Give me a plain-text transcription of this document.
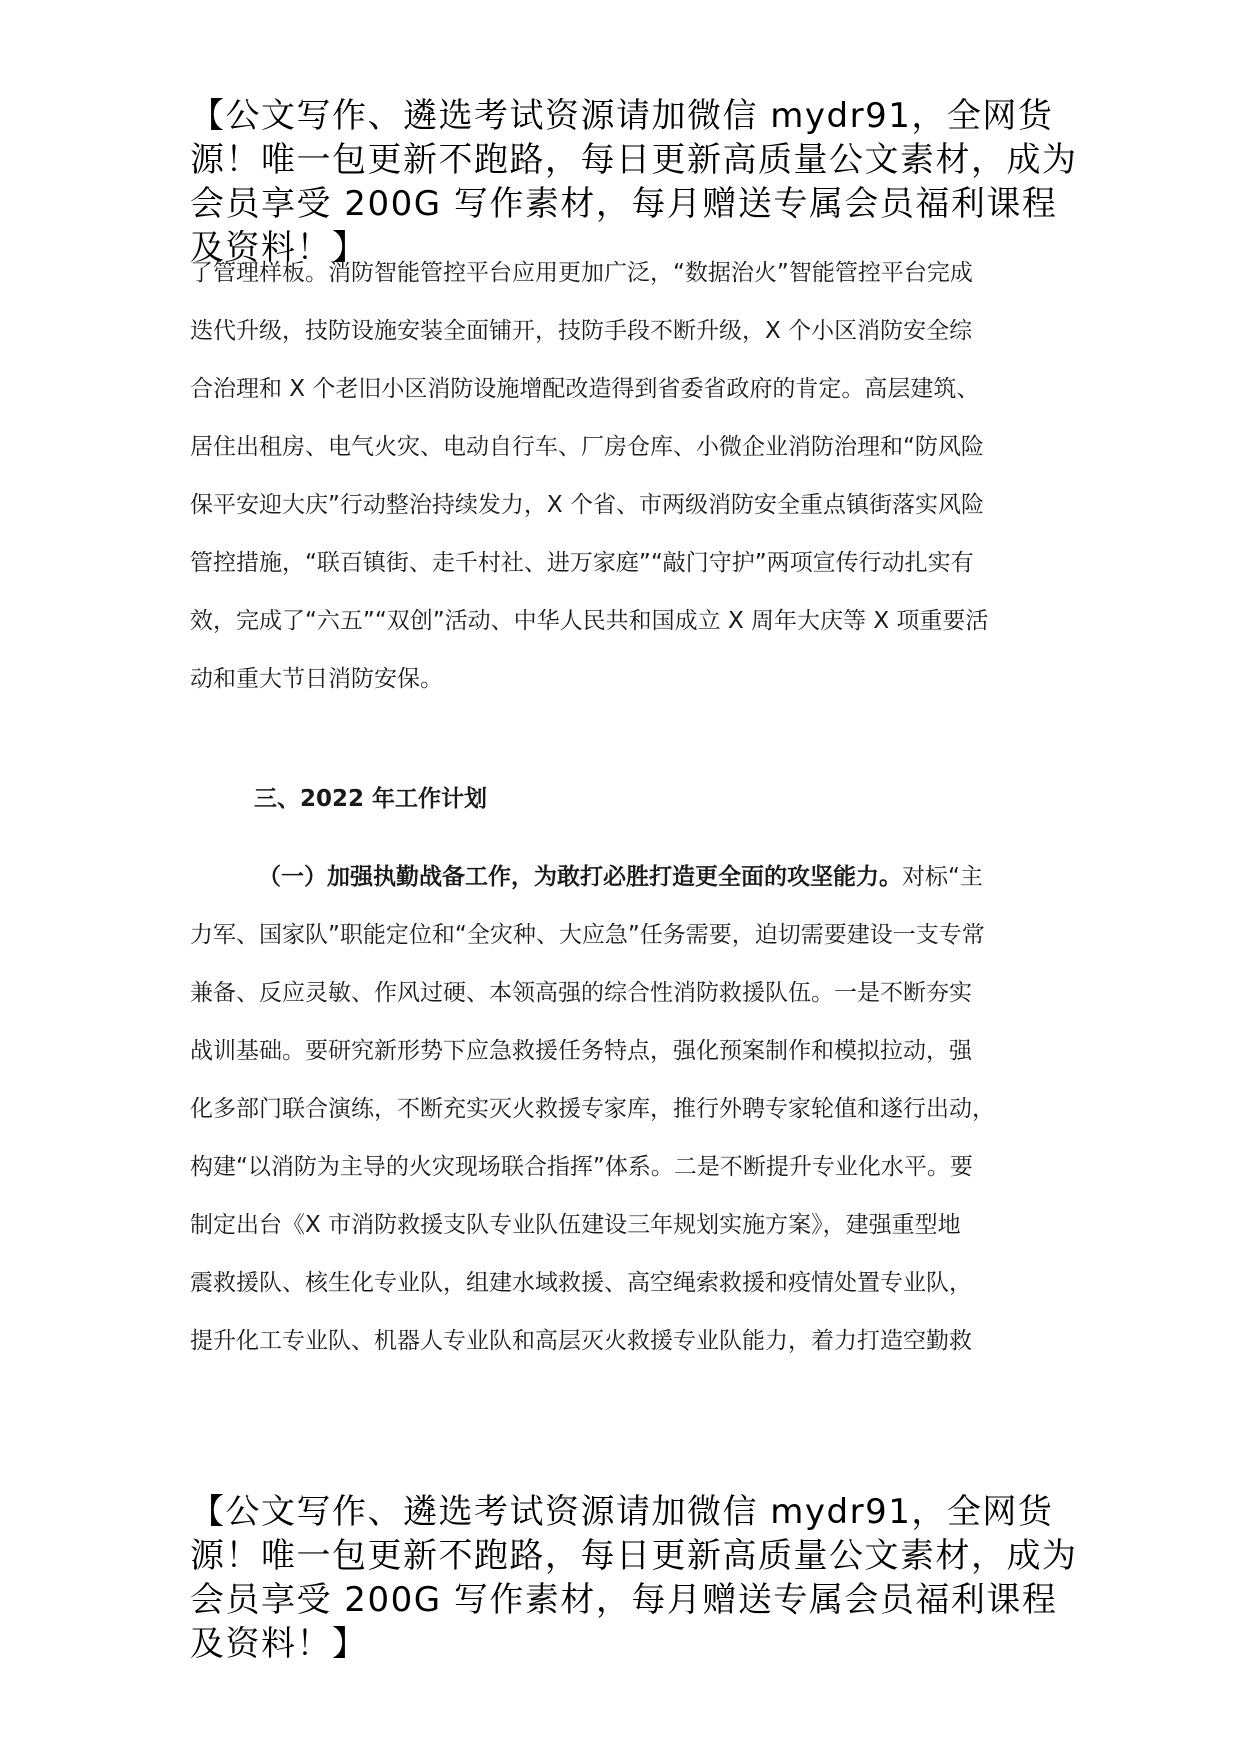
【公文写作、遴选考试资源请加微信 mydr91，全网货源！唯一包更新不跑路，每日更新高质量公文素材，成为会员享受 200G 写作素材，每月赠送专属会员福利课程及资料！】
了管理样板。消防智能管控平台应用更加广泛，“数据治火”智能管控平台完成
迭代升级，技防设施安装全面铺开，技防手段不断升级，X 个小区消防安全综
合治理和 X 个老旧小区消防设施增配改造得到省委省政府的肯定。高层建筑、
居住出租房、电气火灾、电动自行车、厂房仓库、小微企业消防治理和“防风险
保平安迎大庆”行动整治持续发力，X 个省、市两级消防安全重点镇街落实风险
管控措施，“联百镇街、走千村社、进万家庭”“敲门守护”两项宣传行动扎实有
效，完成了“六五”“双创”活动、中华人民共和国成立 X 周年大庆等 X 项重要活
动和重大节日消防安保。
三、2022 年工作计划
（一）加强执勤战备工作，为敢打必胜打造更全面的攻坚能力。对标“主
力军、国家队”职能定位和“全灾种、大应急”任务需要，迫切需要建设一支专常
兼备、反应灵敏、作风过硬、本领高强的综合性消防救援队伍。一是不断夯实
战训基础。要研究新形势下应急救援任务特点，强化预案制作和模拟拉动，强
化多部门联合演练，不断充实灭火救援专家库，推行外聘专家轮值和遂行出动，
构建“以消防为主导的火灾现场联合指挥”体系。二是不断提升专业化水平。要
制定出台《X 市消防救援支队专业队伍建设三年规划实施方案》，建强重型地
震救援队、核生化专业队，组建水域救援、高空绳索救援和疫情处置专业队，
提升化工专业队、机器人专业队和高层灭火救援专业队能力，着力打造空勤救
【公文写作、遴选考试资源请加微信 mydr91，全网货源！唯一包更新不跑路，每日更新高质量公文素材，成为会员享受 200G 写作素材，每月赠送专属会员福利课程及资料！】
